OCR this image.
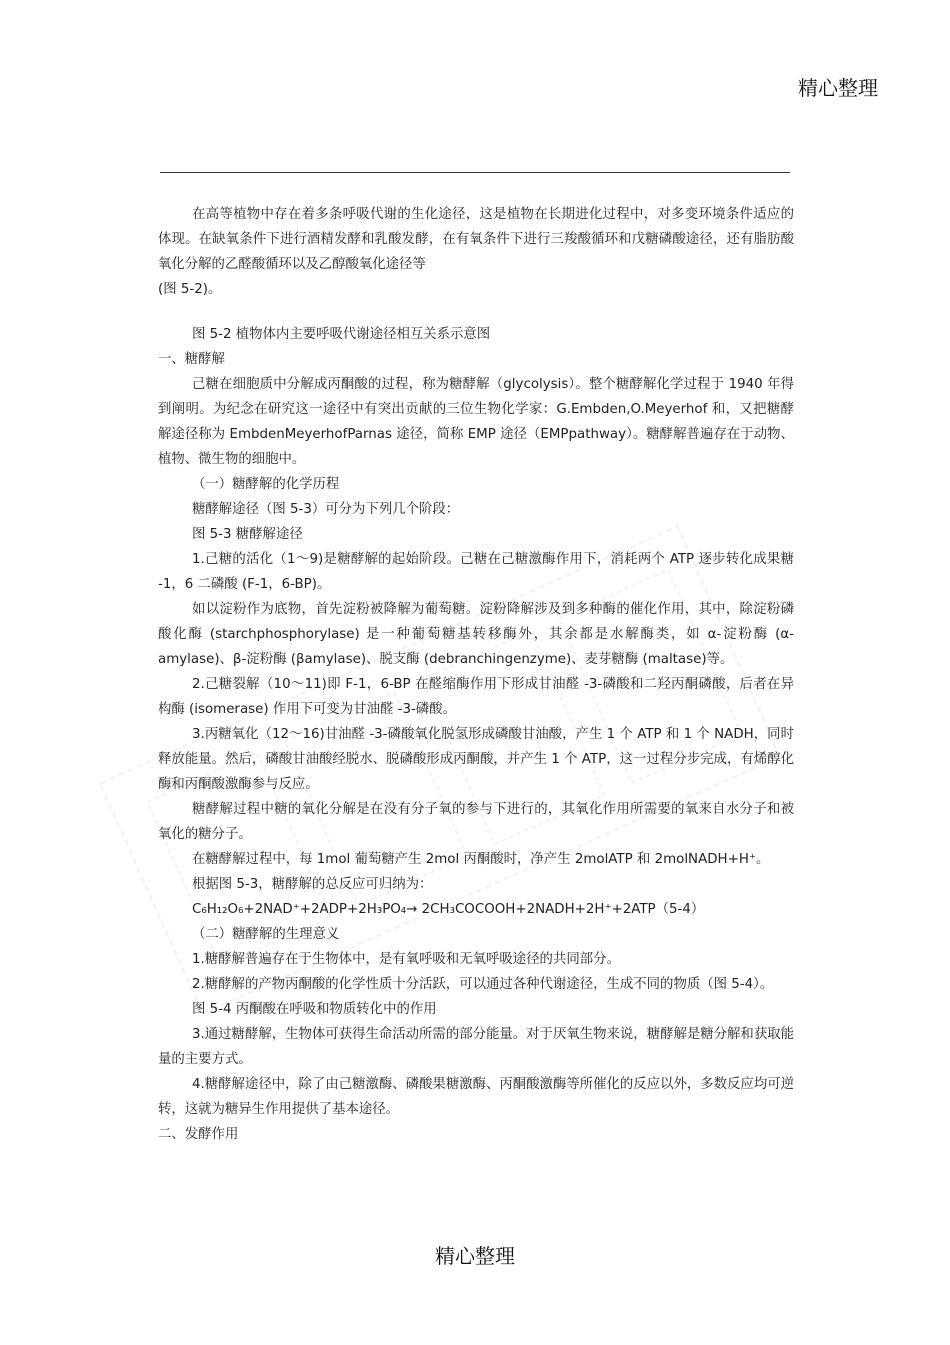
精心整理

在高等植物中存在着多条呼吸代谢的生化途径，这是植物在长期进化过程中，对多变环境条件适应的体现。在缺氧条件下进行酒精发酵和乳酸发酵，在有氧条件下进行三羧酸循环和戊糖磷酸途径，还有脂肪酸氧化分解的乙醛酸循环以及乙醇酸氧化途径等

(图 5-2)。

图 5-2 植物体内主要呼吸代谢途径相互关系示意图

一、糖酵解

己糖在细胞质中分解成丙酮酸的过程，称为糖酵解（glycolysis）。整个糖酵解化学过程于 1940 年得到阐明。为纪念在研究这一途径中有突出贡献的三位生物化学家：G.Embden,O.Meyerhof 和，又把糖酵解途径称为 EmbdenMeyerhofParnas 途径，简称 EMP 途径（EMPpathway）。糖酵解普遍存在于动物、植物、微生物的细胞中。

（一）糖酵解的化学历程

糖酵解途径（图 5-3）可分为下列几个阶段：

图 5-3 糖酵解途径

1.己糖的活化（1～9)是糖酵解的起始阶段。己糖在己糖激酶作用下，消耗两个 ATP 逐步转化成果糖 -1，6 二磷酸 (F-1，6-BP)。

如以淀粉作为底物，首先淀粉被降解为葡萄糖。淀粉降解涉及到多种酶的催化作用，其中，除淀粉磷酸化酶 (starchphosphorylase) 是一种葡萄糖基转移酶外，其余都是水解酶类，如 α-淀粉酶 (α-amylase)、β-淀粉酶 (βamylase)、脱支酶 (debranchingenzyme)、麦芽糖酶 (maltase)等。

2.己糖裂解（10～11)即 F-1，6-BP 在醛缩酶作用下形成甘油醛 -3-磷酸和二羟丙酮磷酸，后者在异构酶 (isomerase) 作用下可变为甘油醛 -3-磷酸。

3.丙糖氧化（12～16)甘油醛 -3-磷酸氧化脱氢形成磷酸甘油酸，产生 1 个 ATP 和 1 个 NADH，同时释放能量。然后，磷酸甘油酸经脱水、脱磷酸形成丙酮酸，并产生 1 个 ATP，这一过程分步完成，有烯醇化酶和丙酮酸激酶参与反应。

糖酵解过程中糖的氧化分解是在没有分子氧的参与下进行的，其氧化作用所需要的氧来自水分子和被氧化的糖分子。

在糖酵解过程中，每 1mol 葡萄糖产生 2mol 丙酮酸时，净产生 2molATP 和 2molNADH+H⁺。

根据图 5-3，糖酵解的总反应可归纳为：

C₆H₁₂O₆+2NAD⁺+2ADP+2H₃PO₄→ 2CH₃COCOOH+2NADH+2H⁺+2ATP（5-4）

（二）糖酵解的生理意义

1.糖酵解普遍存在于生物体中，是有氧呼吸和无氧呼吸途径的共同部分。

2.糖酵解的产物丙酮酸的化学性质十分活跃，可以通过各种代谢途径，生成不同的物质（图 5-4）。

图 5-4 丙酮酸在呼吸和物质转化中的作用

3.通过糖酵解，生物体可获得生命活动所需的部分能量。对于厌氧生物来说，糖酵解是糖分解和获取能量的主要方式。

4.糖酵解途径中，除了由己糖激酶、磷酸果糖激酶、丙酮酸激酶等所催化的反应以外，多数反应均可逆转，这就为糖异生作用提供了基本途径。

二、发酵作用

精心整理
